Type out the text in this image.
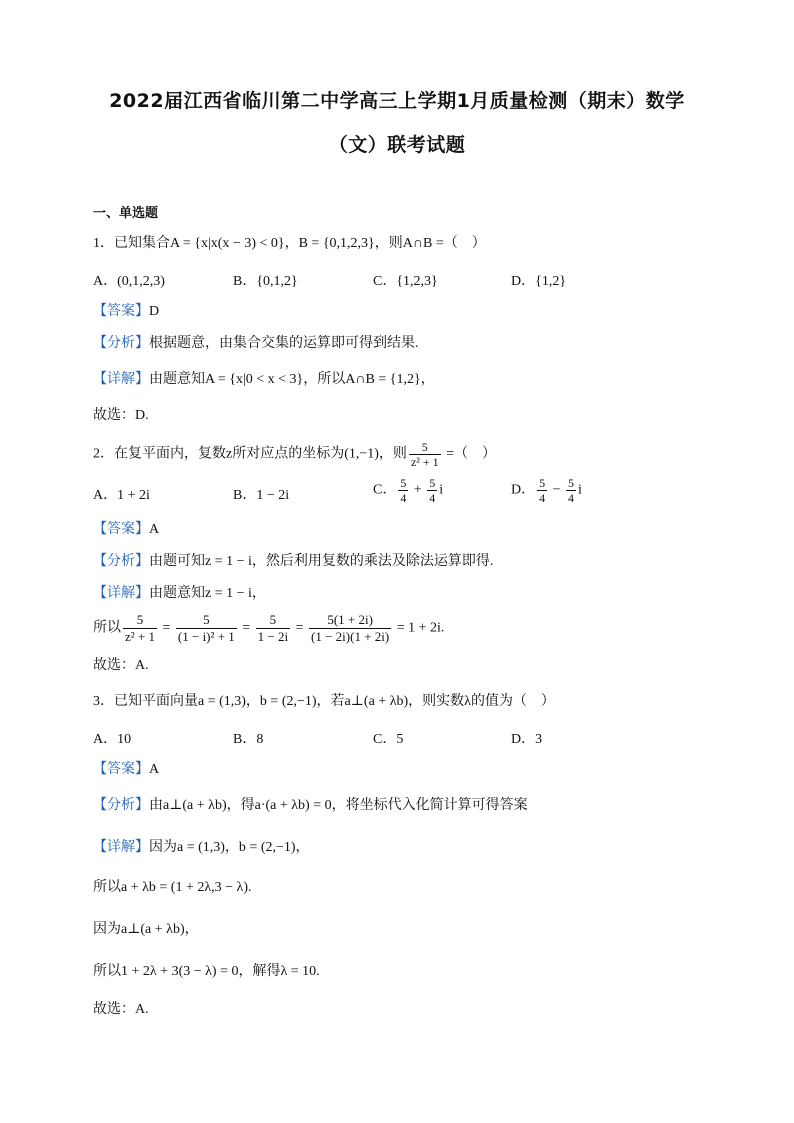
2022届江西省临川第二中学高三上学期1月质量检测（期末）数学
（文）联考试题
一、单选题
1．已知集合A = {x|x(x − 3) < 0}，B = {0,1,2,3}，则A∩B =（　）
A．(0,1,2,3)	B．{0,1,2}	C．{1,2,3}	D．{1,2}
【答案】D
【分析】根据题意，由集合交集的运算即可得到结果.
【详解】由题意知A = {x|0 < x < 3}，所以A∩B = {1,2}，
故选：D.
2．在复平面内，复数z所对应点的坐标为(1,−1)，则 $\frac{5}{\text{z² + 1}}$ =（　）
A．1 + 2i	B．1 − 2i	C． $\frac{5}{4} + \frac{5}{4}$ i	D． $\frac{5}{4} - \frac{5}{4}$ i
【答案】A
【分析】由题可知z = 1 − i，然后利用复数的乘法及除法运算即得.
【详解】由题意知z = 1 − i，
所以 $\frac{5}{\text{z² + 1}} = \frac{5}{\text{(1 − i)² + 1}} = \frac{5}{1 - 2i} = \frac{5(1 + 2i)}{(1 - 2i)(1 + 2i)} = 1 + 2i$.
故选：A.
3．已知平面向量a = (1,3)，b = (2,−1)，若a⊥(a + λb)，则实数λ的值为（　）
A．10	B．8	C．5	D．3
【答案】A
【分析】由a⊥(a + λb)，得a·(a + λb) = 0，将坐标代入化简计算可得答案
【详解】因为a = (1,3)，b = (2,−1)，
所以a + λb = (1 + 2λ,3 − λ).
因为a⊥(a + λb)，
所以1 + 2λ + 3(3 − λ) = 0，解得λ = 10.
故选：A.
